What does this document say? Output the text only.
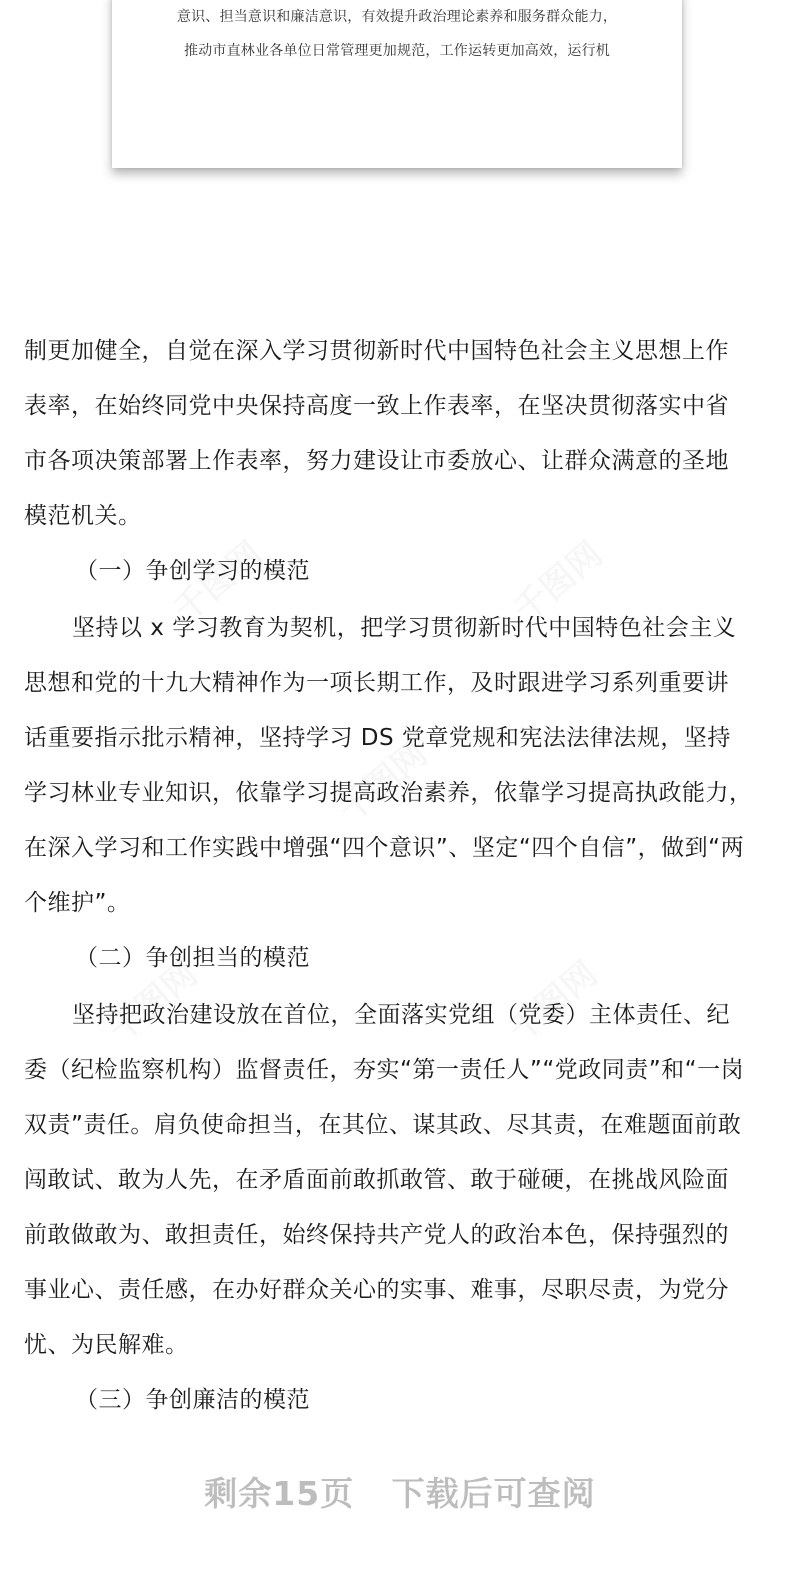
意识、担当意识和廉洁意识，有效提升政治理论素养和服务群众能力，
推动市直林业各单位日常管理更加规范，工作运转更加高效，运行机
制更加健全，自觉在深入学习贯彻新时代中国特色社会主义思想上作
表率，在始终同党中央保持高度一致上作表率，在坚决贯彻落实中省
市各项决策部署上作表率，努力建设让市委放心、让群众满意的圣地
模范机关。
（一）争创学习的模范
坚持以 x 学习教育为契机，把学习贯彻新时代中国特色社会主义
思想和党的十九大精神作为一项长期工作，及时跟进学习系列重要讲
话重要指示批示精神，坚持学习 DS 党章党规和宪法法律法规，坚持
学习林业专业知识，依靠学习提高政治素养，依靠学习提高执政能力，
在深入学习和工作实践中增强“四个意识”、坚定“四个自信”，做到“两
个维护”。
（二）争创担当的模范
坚持把政治建设放在首位，全面落实党组（党委）主体责任、纪
委（纪检监察机构）监督责任，夯实“第一责任人”“党政同责”和“一岗
双责”责任。肩负使命担当，在其位、谋其政、尽其责，在难题面前敢
闯敢试、敢为人先，在矛盾面前敢抓敢管、敢于碰硬，在挑战风险面
前敢做敢为、敢担责任，始终保持共产党人的政治本色，保持强烈的
事业心、责任感，在办好群众关心的实事、难事，尽职尽责，为党分
忧、为民解难。
（三）争创廉洁的模范
剩余15页   下载后可查阅
